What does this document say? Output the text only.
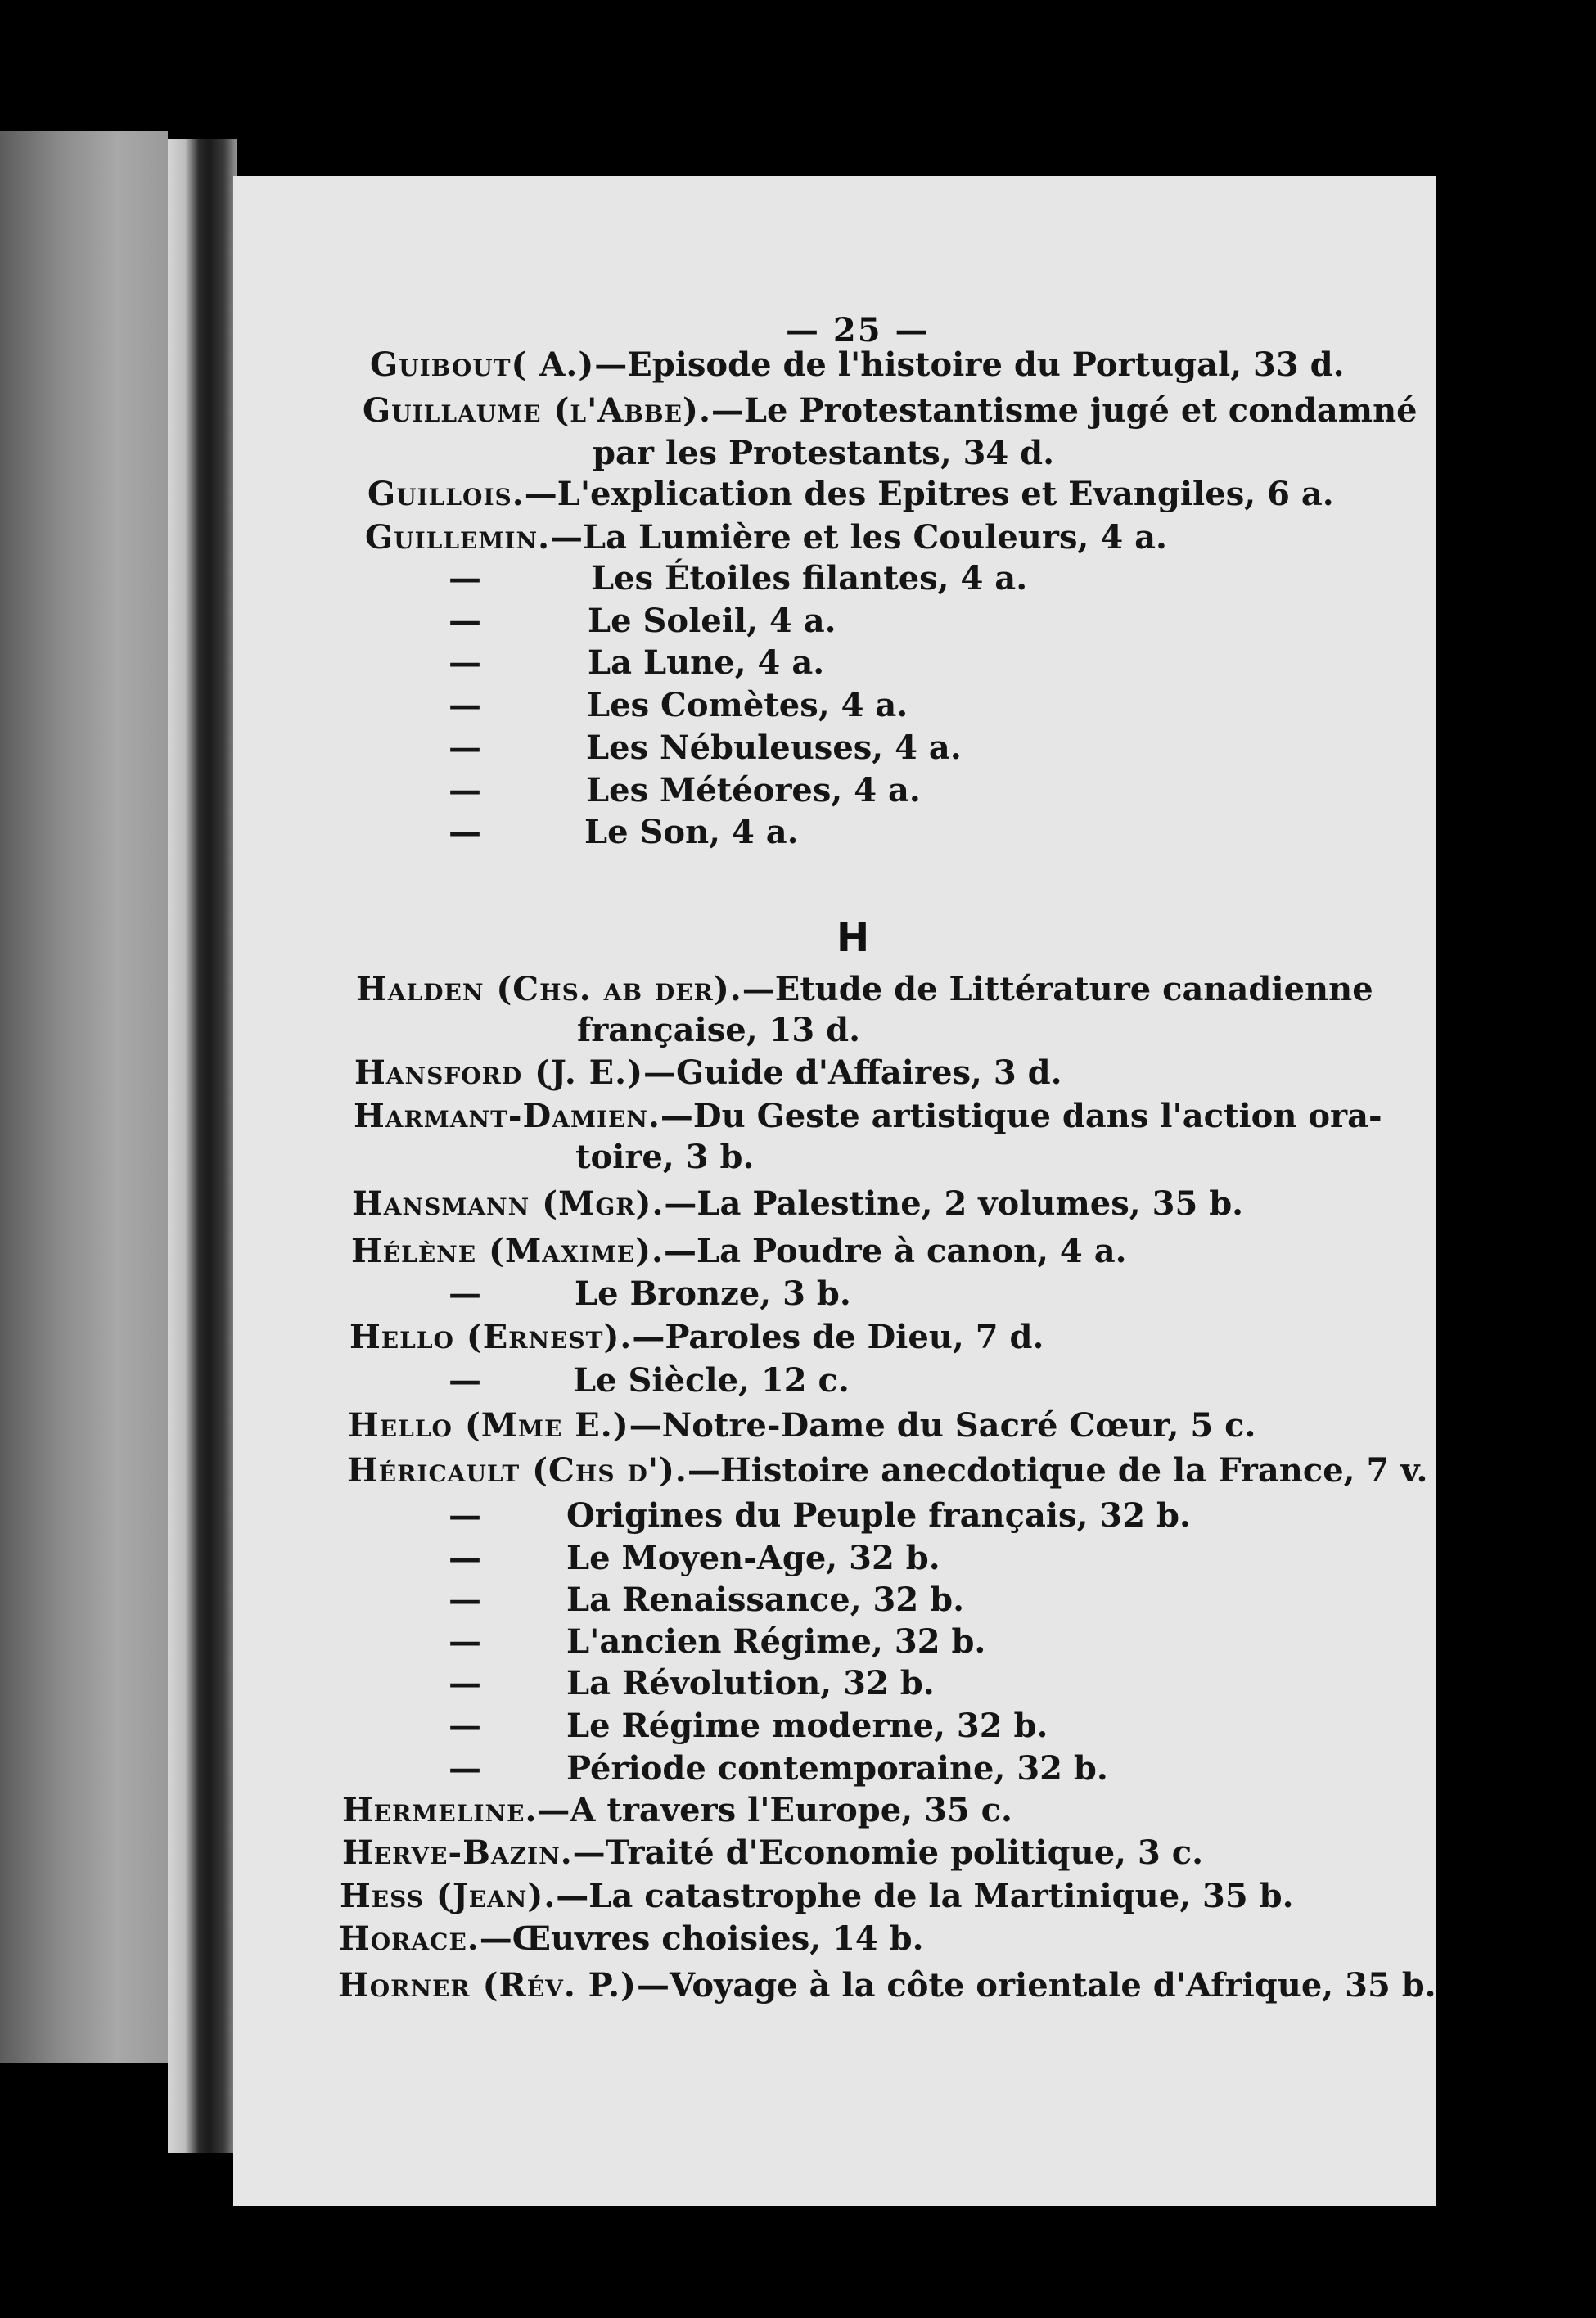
— 25 —
H
Guibout( A.)—Episode de l'histoire du Portugal, 33 d.
Guillaume (l'Abbe).—Le Protestantisme jugé et condamné
par les Protestants, 34 d.
Guillois.—L'explication des Epitres et Evangiles, 6 a.
Guillemin.—La Lumière et les Couleurs, 4 a.
—	Les Étoiles filantes, 4 a.
—	Le Soleil, 4 a.
—	La Lune, 4 a.
—	Les Comètes, 4 a.
—	Les Nébuleuses, 4 a.
—	Les Météores, 4 a.
—	Le Son, 4 a.
Halden (Chs. ab der).—Etude de Littérature canadienne
française, 13 d.
Hansford (J. E.)—Guide d'Affaires, 3 d.
Harmant-Damien.—Du Geste artistique dans l'action ora-
toire, 3 b.
Hansmann (Mgr).—La Palestine, 2 volumes, 35 b.
Hélène (Maxime).—La Poudre à canon, 4 a.
—	Le Bronze, 3 b.
Hello (Ernest).—Paroles de Dieu, 7 d.
—	Le Siècle, 12 c.
Hello (Mme E.)—Notre-Dame du Sacré Cœur, 5 c.
Héricault (Chs d').—Histoire anecdotique de la France, 7 v.
—	Origines du Peuple français, 32 b.
—	Le Moyen-Age, 32 b.
—	La Renaissance, 32 b.
—	L'ancien Régime, 32 b.
—	La Révolution, 32 b.
—	Le Régime moderne, 32 b.
—	Période contemporaine, 32 b.
Hermeline.—A travers l'Europe, 35 c.
Herve-Bazin.—Traité d'Economie politique, 3 c.
Hess (Jean).—La catastrophe de la Martinique, 35 b.
Horace.—Œuvres choisies, 14 b.
Horner (Rév. P.)—Voyage à la côte orientale d'Afrique, 35 b.
